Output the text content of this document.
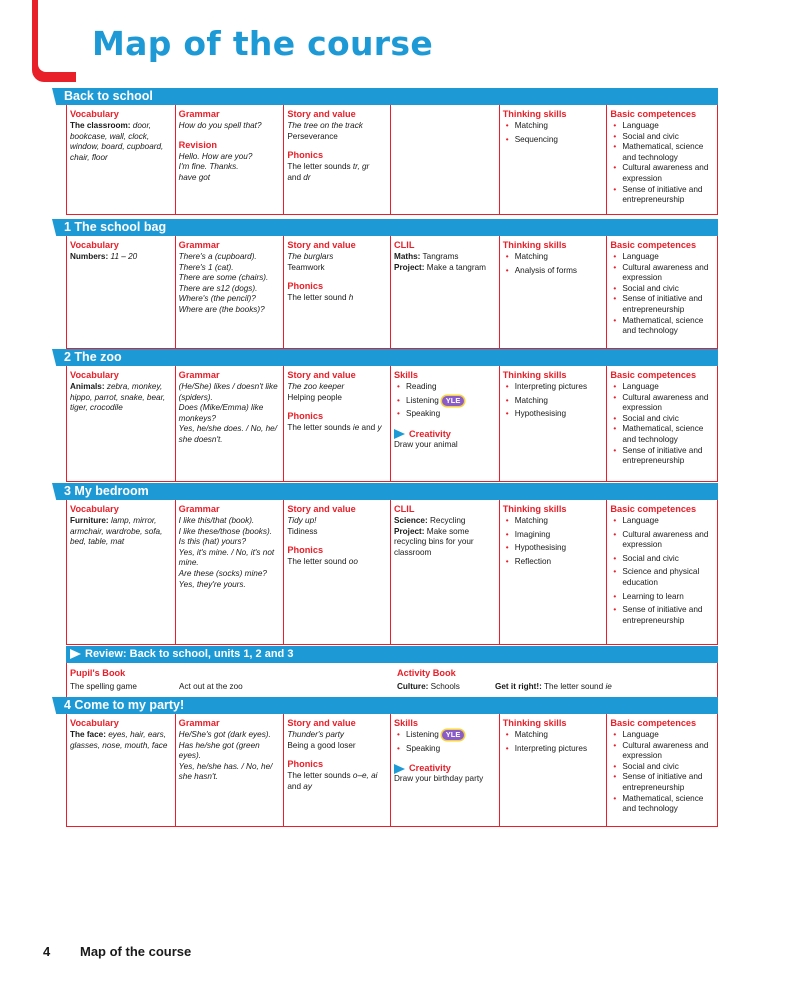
Map of the course
Back to school
Vocabulary
The classroom: door, bookcase, wall, clock, window, board, cupboard, chair, floor
Grammar
How do you spell that?
Revision
Hello. How are you?
I'm fine. Thanks.
have got
Story and value
The tree on the track
Perseverance
Phonics
The letter sounds tr, gr
and dr
Thinking skills
• Matching
• Sequencing
Basic competences
• Language
• Social and civic
• Mathematical, science and technology
• Cultural awareness and expression
• Sense of initiative and entrepreneurship
1 The school bag
Vocabulary
Numbers: 11 – 20
Grammar
There's a (cupboard).
There's 1 (cat).
There are some (chairs).
There are s12 (dogs).
Where's (the pencil)?
Where are (the books)?
Story and value
The burglars
Teamwork
Phonics
The letter sound h
CLIL
Maths: Tangrams
Project: Make a tangram
Thinking skills
• Matching
• Analysis of forms
Basic competences
• Language
• Cultural awareness and expression
• Social and civic
• Sense of initiative and entrepreneurship
• Mathematical, science and technology
2 The zoo
Vocabulary
Animals: zebra, monkey, hippo, parrot, snake, bear, tiger, crocodile
Grammar
(He/She) likes / doesn't like (spiders).
Does (Mike/Emma) like monkeys?
Yes, he/she does. / No, he/ she doesn't.
Story and value
The zoo keeper
Helping people
Phonics
The letter sounds ie and y
Skills
• Reading
• Listening YLE
• Speaking
Creativity
Draw your animal
Thinking skills
• Interpreting pictures
• Matching
• Hypothesising
Basic competences
• Language
• Cultural awareness and expression
• Social and civic
• Mathematical, science and technology
• Sense of initiative and entrepreneurship
3 My bedroom
Vocabulary
Furniture: lamp, mirror, armchair, wardrobe, sofa, bed, table, mat
Grammar
I like this/that (book).
I like these/those (books).
Is this (hat) yours?
Yes, it's mine. / No, it's not mine.
Are these (socks) mine?
Yes, they're yours.
Story and value
Tidy up!
Tidiness
Phonics
The letter sound oo
CLIL
Science: Recycling
Project: Make some recycling bins for your classroom
Thinking skills
• Matching
• Imagining
• Hypothesising
• Reflection
Basic competences
• Language
• Cultural awareness and expression
• Social and civic
• Science and physical education
• Learning to learn
• Sense of initiative and entrepreneurship
Review: Back to school, units 1, 2 and 3
Pupil's Book
The spelling game	Act out at the zoo
Activity Book
Culture: Schools	Get it right!: The letter sound ie
4 Come to my party!
Vocabulary
The face: eyes, hair, ears, glasses, nose, mouth, face
Grammar
He/She's got (dark eyes).
Has he/she got (green eyes).
Yes, he/she has. / No, he/ she hasn't.
Story and value
Thunder's party
Being a good loser
Phonics
The letter sounds o–e, ai
and ay
Skills
• Listening YLE
• Speaking
Creativity
Draw your birthday party
Thinking skills
• Matching
• Interpreting pictures
Basic competences
• Language
• Cultural awareness and expression
• Social and civic
• Sense of initiative and entrepreneurship
• Mathematical, science and technology
4 Map of the course
